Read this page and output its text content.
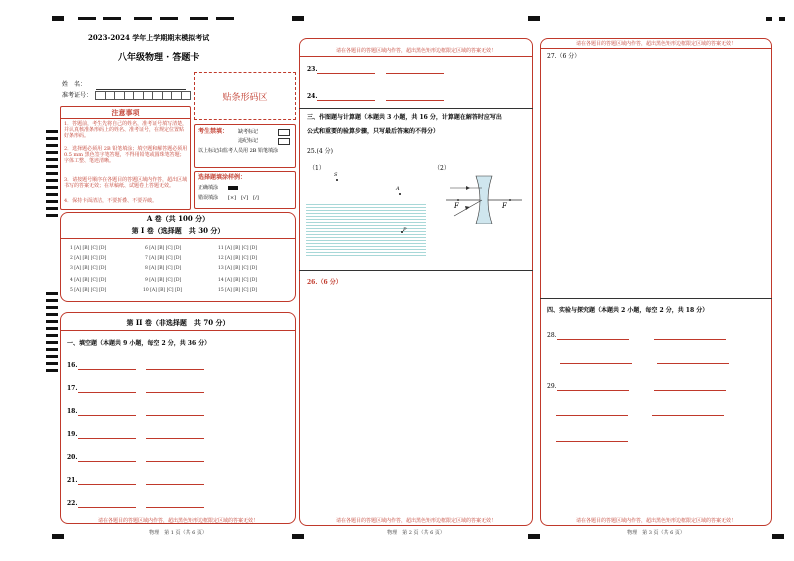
2023-2024 学年上学期期末模拟考试
八年级物理 · 答题卡
姓　名：
准考证号：	贴条形码区
注意事项
1．答题前，考生先将自己的姓名，准考证号填写清楚，并认真核准条形码上的姓名、准考证号，在规定位置贴好条形码。
2．选择题必须用 2B 铅笔填涂；填空题和解答题必须用 0.5 mm 黑色签字笔答题，不得用铅笔或圆珠笔答题；字体工整、笔迹清晰。
3．请按题号顺序在各题目的答题区域内作答，超出区域书写的答案无效；在草稿纸、试题卷上答题无效。
4．保持卡面清洁，不要折叠、不要弄破。
考生禁填： 缺考标记
违纪标记
以上标记由监考人员用 2B 铅笔填涂
选择题填涂样例：
正确填涂
错误填涂 [×]　[√]　[/]
A 卷（共 100 分）
第 I 卷（选择题　共 30 分）
1 [A] [B] [C] [D]
2 [A] [B] [C] [D]
3 [A] [B] [C] [D]
4 [A] [B] [C] [D]
5 [A] [B] [C] [D]
6 [A] [B] [C] [D]
7 [A] [B] [C] [D]
8 [A] [B] [C] [D]
9 [A] [B] [C] [D]
10 [A] [B] [C] [D]
11 [A] [B] [C] [D]
12 [A] [B] [C] [D]
13 [A] [B] [C] [D]
14 [A] [B] [C] [D]
15 [A] [B] [C] [D]
第 II 卷（非选择题　共 70 分）
一、填空题（本题共 9 小题，每空 2 分，共 36 分）
16.
17.
18.
19.
20.
21.
22.
请在各题目的答题区域内作答，超出黑色矩形边框限定区域的答案无效！
物理　第 1 页（共 6 页）
请在各题目的答题区域内作答，超出黑色矩形边框限定区域的答案无效！
23.
24.
三、作图题与计算题（本题共 3 小题，共 16 分，计算题在解答时应写出
公式和重要的验算步骤，只写最后答案的不得分）
25.(4 分)
（1）	（2）
S
A
P
F	F
26.（6 分）
请在各题目的答题区域内作答，超出黑色矩形边框限定区域的答案无效！
物理　第 2 页（共 6 页）
请在各题目的答题区域内作答，超出黑色矩形边框限定区域的答案无效！
27.（6 分）
四、实验与探究题（本题共 2 小题，每空 2 分，共 18 分）
28.
29.
请在各题目的答题区域内作答，超出黑色矩形边框限定区域的答案无效！
物理　第 3 页（共 6 页）
